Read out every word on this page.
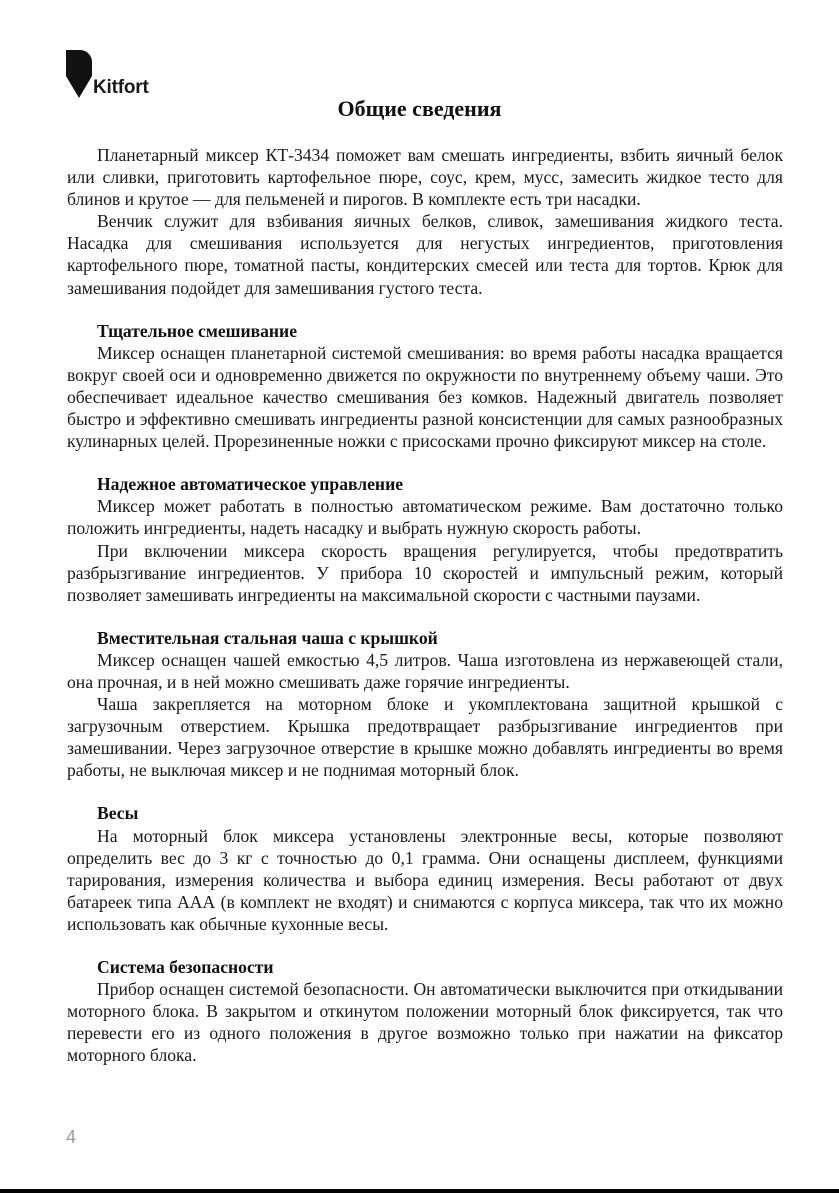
Kitfort
Общие сведения

Планетарный миксер КТ-3434 поможет вам смешать ингредиенты, взбить яичный белок или сливки, приготовить картофельное пюре, соус, крем, мусс, замесить жидкое тесто для блинов и крутое — для пельменей и пирогов. В комплекте есть три насадки.

Венчик служит для взбивания яичных белков, сливок, замешивания жидкого теста. Насадка для смешивания используется для негустых ингредиентов, приготовления картофельного пюре, томатной пасты, кондитерских смесей или теста для тортов. Крюк для замешивания подойдет для замешивания густого теста.

Тщательное смешивание

Миксер оснащен планетарной системой смешивания: во время работы насадка вращается вокруг своей оси и одновременно движется по окружности по внутреннему объему чаши. Это обеспечивает идеальное качество смешивания без комков. Надежный двигатель позволяет быстро и эффективно смешивать ингредиенты разной консистенции для самых разнообразных кулинарных целей. Прорезиненные ножки с присосками прочно фиксируют миксер на столе.

Надежное автоматическое управление

Миксер может работать в полностью автоматическом режиме. Вам достаточно только положить ингредиенты, надеть насадку и выбрать нужную скорость работы.

При включении миксера скорость вращения регулируется, чтобы предотвратить разбрызгивание ингредиентов. У прибора 10 скоростей и импульсный режим, который позволяет замешивать ингредиенты на максимальной скорости с частными паузами.

Вместительная стальная чаша с крышкой

Миксер оснащен чашей емкостью 4,5 литров. Чаша изготовлена из нержавеющей стали, она прочная, и в ней можно смешивать даже горячие ингредиенты.

Чаша закрепляется на моторном блоке и укомплектована защитной крышкой с загрузочным отверстием. Крышка предотвращает разбрызгивание ингредиентов при замешивании. Через загрузочное отверстие в крышке можно добавлять ингредиенты во время работы, не выключая миксер и не поднимая моторный блок.

Весы

На моторный блок миксера установлены электронные весы, которые позволяют определить вес до 3 кг с точностью до 0,1 грамма. Они оснащены дисплеем, функциями тарирования, измерения количества и выбора единиц измерения. Весы работают от двух батареек типа ААА (в комплект не входят) и снимаются с корпуса миксера, так что их можно использовать как обычные кухонные весы.

Система безопасности

Прибор оснащен системой безопасности. Он автоматически выключится при откидывании моторного блока. В закрытом и откинутом положении моторный блок фиксируется, так что перевести его из одного положения в другое возможно только при нажатии на фиксатор моторного блока.

4
